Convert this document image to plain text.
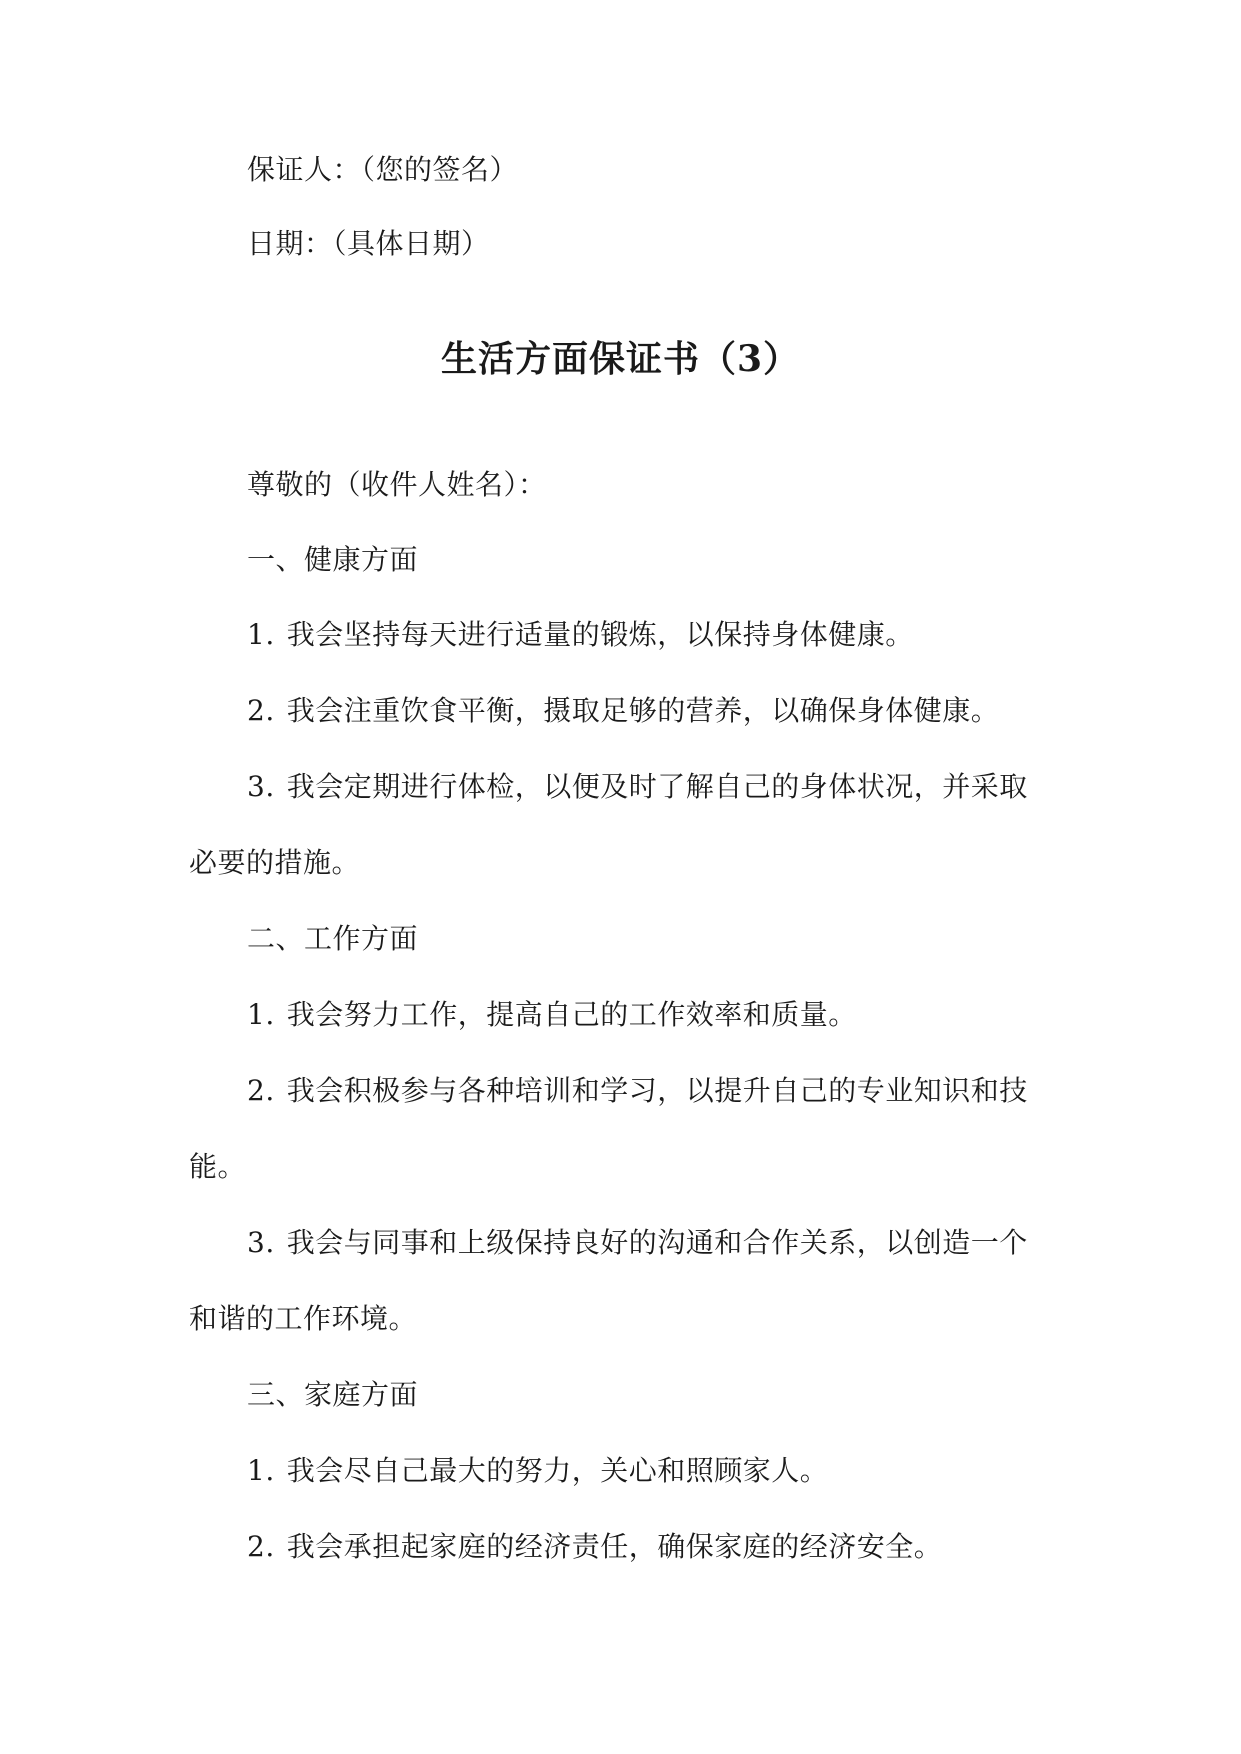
保证人：（您的签名）
日期：（具体日期）
生活方面保证书（3）
尊敬的（收件人姓名）：
一、健康方面
1. 我会坚持每天进行适量的锻炼，以保持身体健康。
2. 我会注重饮食平衡，摄取足够的营养，以确保身体健康。
3. 我会定期进行体检，以便及时了解自己的身体状况，并采取
必要的措施。
二、工作方面
1. 我会努力工作，提高自己的工作效率和质量。
2. 我会积极参与各种培训和学习，以提升自己的专业知识和技
能。
3. 我会与同事和上级保持良好的沟通和合作关系，以创造一个
和谐的工作环境。
三、家庭方面
1. 我会尽自己最大的努力，关心和照顾家人。
2. 我会承担起家庭的经济责任，确保家庭的经济安全。
